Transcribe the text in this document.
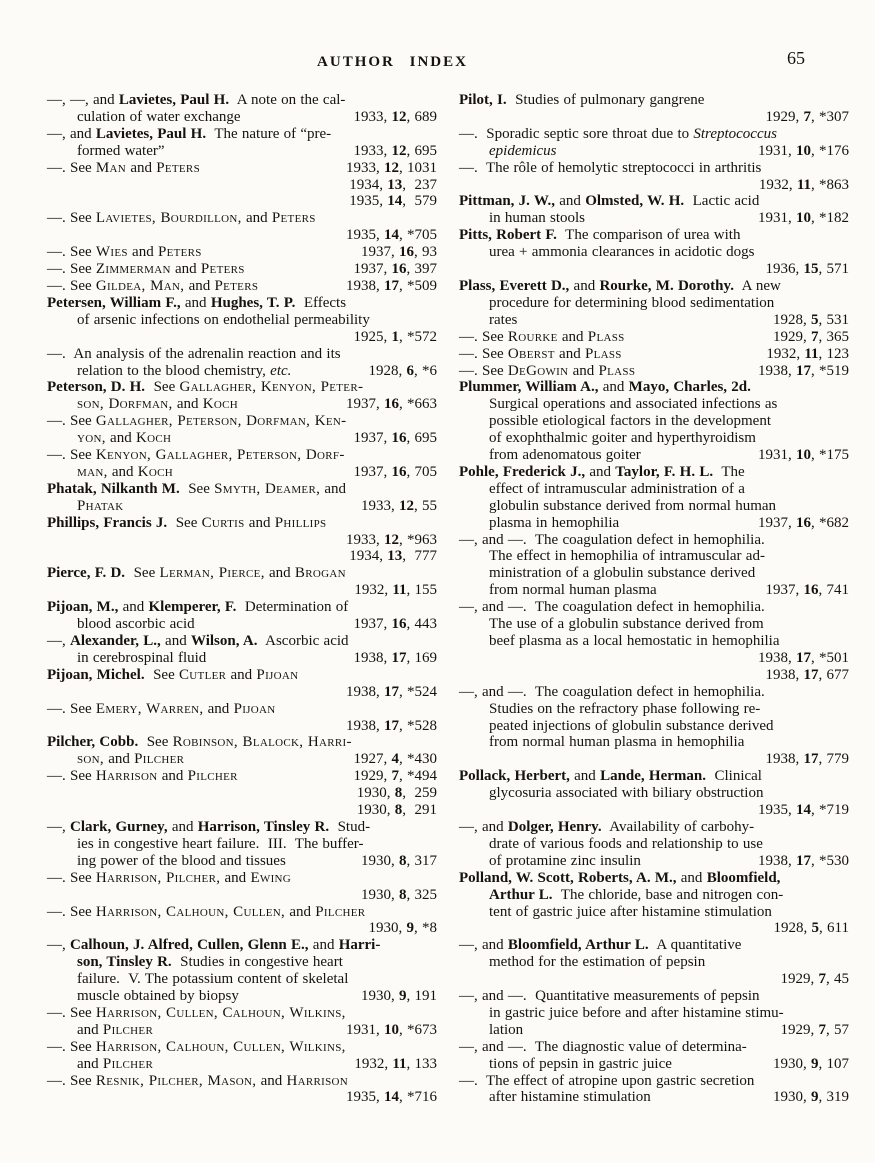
AUTHOR INDEX	65
—, —, and Lavietes, Paul H.  A note on the cal-
culation of water exchange	1933, 12, 689
—, and Lavietes, Paul H.  The nature of “pre-
formed water”	1933, 12, 695
—. See Man and Peters	1933, 12, 1031
1934, 13,  237
1935, 14,  579
—. See Lavietes, Bourdillon, and Peters
1935, 14, *705
—. See Wies and Peters	1937, 16, 93
—. See Zimmerman and Peters	1937, 16, 397
—. See Gildea, Man, and Peters	1938, 17, *509
Petersen, William F., and Hughes, T. P.  Effects
of arsenic infections on endothelial permeability
1925, 1, *572
—.  An analysis of the adrenalin reaction and its
relation to the blood chemistry, etc.	1928, 6, *6
Peterson, D. H.  See Gallagher, Kenyon, Peter-
son, Dorfman, and Koch	1937, 16, *663
—. See Gallagher, Peterson, Dorfman, Ken-
yon, and Koch	1937, 16, 695
—. See Kenyon, Gallagher, Peterson, Dorf-
man, and Koch	1937, 16, 705
Phatak, Nilkanth M.  See Smyth, Deamer, and
Phatak	1933, 12, 55
Phillips, Francis J.  See Curtis and Phillips
1933, 12, *963
1934, 13,  777
Pierce, F. D.  See Lerman, Pierce, and Brogan
1932, 11, 155
Pijoan, M., and Klemperer, F.  Determination of
blood ascorbic acid	1937, 16, 443
—, Alexander, L., and Wilson, A.  Ascorbic acid
in cerebrospinal fluid	1938, 17, 169
Pijoan, Michel.  See Cutler and Pijoan
1938, 17, *524
—. See Emery, Warren, and Pijoan
1938, 17, *528
Pilcher, Cobb.  See Robinson, Blalock, Harri-
son, and Pilcher	1927, 4, *430
—. See Harrison and Pilcher	1929, 7, *494
1930, 8,  259
1930, 8,  291
—, Clark, Gurney, and Harrison, Tinsley R.  Stud-
ies in congestive heart failure.  III.  The buffer-
ing power of the blood and tissues	1930, 8, 317
—. See Harrison, Pilcher, and Ewing
1930, 8, 325
—. See Harrison, Calhoun, Cullen, and Pilcher
1930, 9, *8
—, Calhoun, J. Alfred, Cullen, Glenn E., and Harri-
son, Tinsley R.  Studies in congestive heart
failure.  V. The potassium content of skeletal
muscle obtained by biopsy	1930, 9, 191
—. See Harrison, Cullen, Calhoun, Wilkins,
and Pilcher	1931, 10, *673
—. See Harrison, Calhoun, Cullen, Wilkins,
and Pilcher	1932, 11, 133
—. See Resnik, Pilcher, Mason, and Harrison
1935, 14, *716
Pilot, I.  Studies of pulmonary gangrene
1929, 7, *307
—.  Sporadic septic sore throat due to Streptococcus
epidemicus	1931, 10, *176
—.  The rôle of hemolytic streptococci in arthritis
1932, 11, *863
Pittman, J. W., and Olmsted, W. H.  Lactic acid
in human stools	1931, 10, *182
Pitts, Robert F.  The comparison of urea with
urea + ammonia clearances in acidotic dogs
1936, 15, 571
Plass, Everett D., and Rourke, M. Dorothy.  A new
procedure for determining blood sedimentation
rates	1928, 5, 531
—. See Rourke and Plass	1929, 7, 365
—. See Oberst and Plass	1932, 11, 123
—. See DeGowin and Plass	1938, 17, *519
Plummer, William A., and Mayo, Charles, 2d.
Surgical operations and associated infections as
possible etiological factors in the development
of exophthalmic goiter and hyperthyroidism
from adenomatous goiter	1931, 10, *175
Pohle, Frederick J., and Taylor, F. H. L.  The
effect of intramuscular administration of a
globulin substance derived from normal human
plasma in hemophilia	1937, 16, *682
—, and —.  The coagulation defect in hemophilia.
The effect in hemophilia of intramuscular ad-
ministration of a globulin substance derived
from normal human plasma	1937, 16, 741
—, and —.  The coagulation defect in hemophilia.
The use of a globulin substance derived from
beef plasma as a local hemostatic in hemophilia
1938, 17, *501
1938, 17, 677
—, and —.  The coagulation defect in hemophilia.
Studies on the refractory phase following re-
peated injections of globulin substance derived
from normal human plasma in hemophilia
1938, 17, 779
Pollack, Herbert, and Lande, Herman.  Clinical
glycosuria associated with biliary obstruction
1935, 14, *719
—, and Dolger, Henry.  Availability of carbohy-
drate of various foods and relationship to use
of protamine zinc insulin	1938, 17, *530
Polland, W. Scott, Roberts, A. M., and Bloomfield,
Arthur L.  The chloride, base and nitrogen con-
tent of gastric juice after histamine stimulation
1928, 5, 611
—, and Bloomfield, Arthur L.  A quantitative
method for the estimation of pepsin
1929, 7, 45
—, and —.  Quantitative measurements of pepsin
in gastric juice before and after histamine stimu-
lation	1929, 7, 57
—, and —.  The diagnostic value of determina-
tions of pepsin in gastric juice	1930, 9, 107
—.  The effect of atropine upon gastric secretion
after histamine stimulation	1930, 9, 319
